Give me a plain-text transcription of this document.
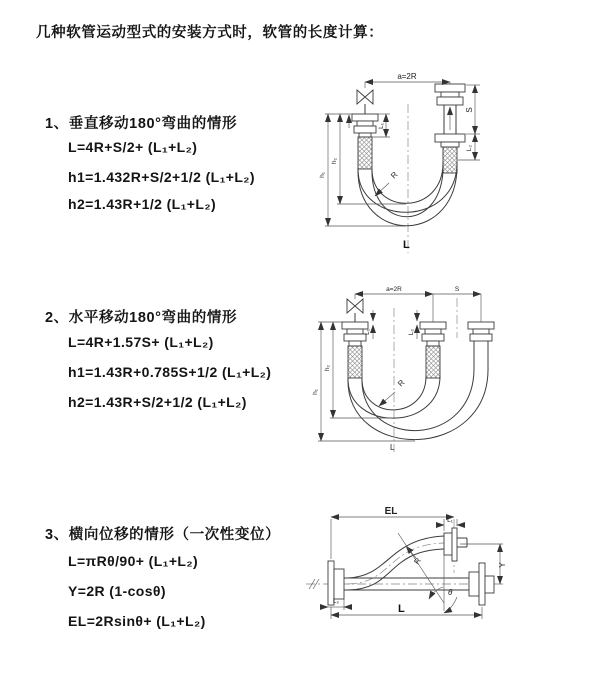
几种软管运动型式的安装方式时，软管的长度计算：
1、垂直移动180°弯曲的情形
L=4R+S/2+ (L₁+L₂)
h1=1.432R+S/2+1/2 (L₁+L₂)
h2=1.43R+1/2 (L₁+L₂)
a=2R
h₁
h₂
L₁
S
L₂
R
L
2、水平移动180°弯曲的情形
L=4R+1.57S+ (L₁+L₂)
h1=1.43R+0.785S+1/2 (L₁+L₂)
h2=1.43R+S/2+1/2 (L₁+L₂)
a=2R	S
h₁
h₂
L₁	L₂
R
L
3、横向位移的情形（一次性变位）
L=πRθ/90+ (L₁+L₂)
Y=2R (1-cosθ)
EL=2Rsinθ+ (L₁+L₂)
EL
L₁
Y
R
θ
L₂
L
